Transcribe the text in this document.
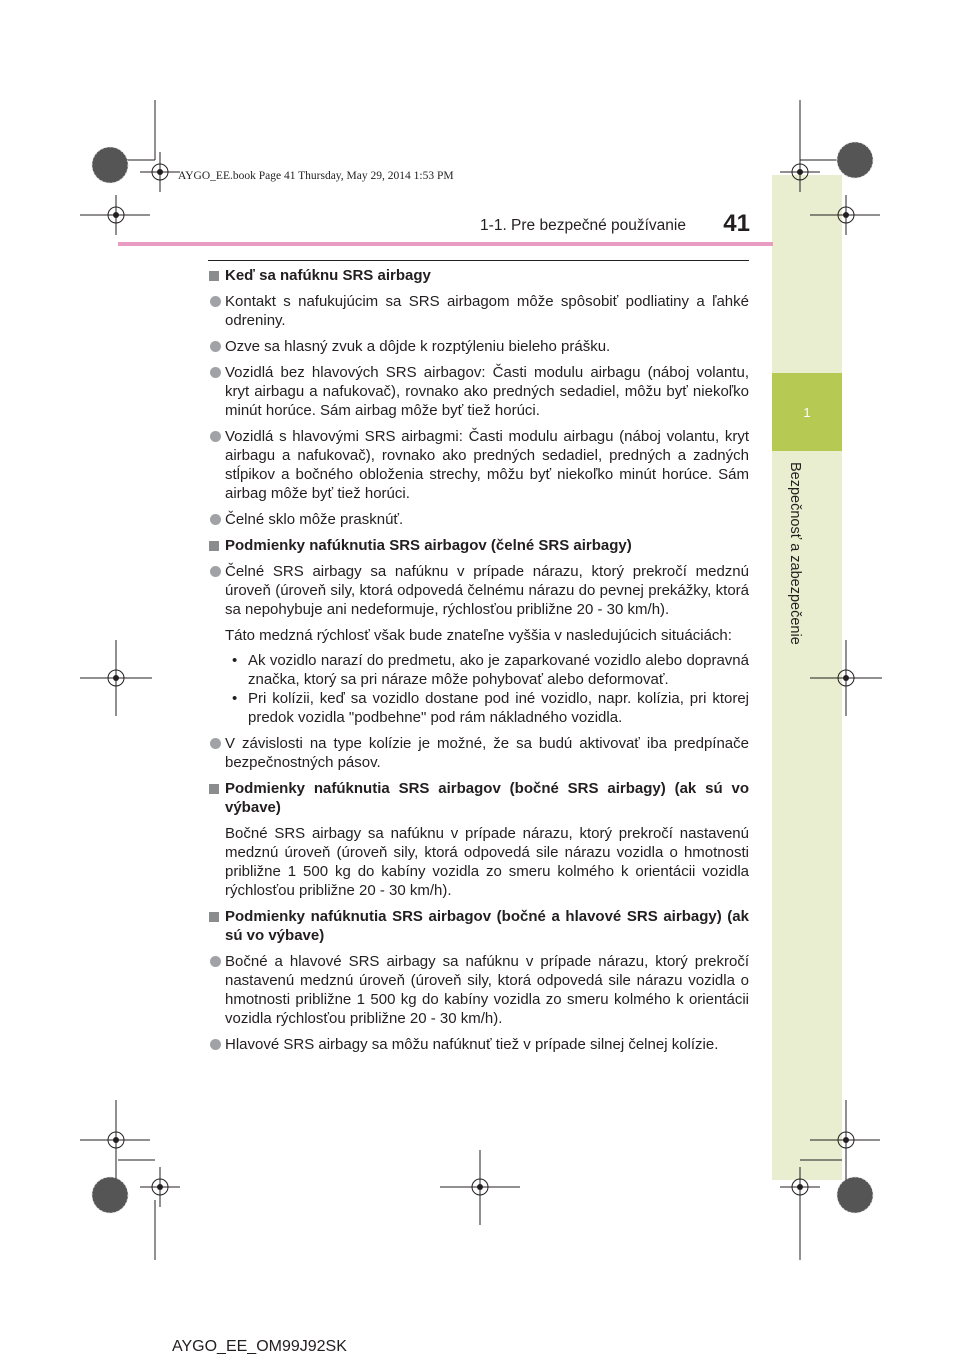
1
Bezpečnosť a zabezpečenie
AYGO_EE.book Page 41 Thursday, May 29, 2014 1:53 PM
1-1. Pre bezpečné používanie	41
Keď sa nafúknu SRS airbagy
Kontakt s nafukujúcim sa SRS airbagom môže spôsobiť podliatiny a ľahké odreniny.
Ozve sa hlasný zvuk a dôjde k rozptýleniu bieleho prášku.
Vozidlá bez hlavových SRS airbagov: Časti modulu airbagu (náboj volantu, kryt airbagu a nafukovač), rovnako ako predných sedadiel, môžu byť niekoľko minút horúce. Sám airbag môže byť tiež horúci.
Vozidlá s hlavovými SRS airbagmi: Časti modulu airbagu (náboj volantu, kryt airbagu a nafukovač), rovnako ako predných sedadiel, predných a zadných stĺpikov a bočného obloženia strechy, môžu byť niekoľko minút horúce. Sám airbag môže byť tiež horúci.
Čelné sklo môže prasknúť.
Podmienky nafúknutia SRS airbagov (čelné SRS airbagy)
Čelné SRS airbagy sa nafúknu v prípade nárazu, ktorý prekročí medznú úroveň (úroveň sily, ktorá odpovedá čelnému nárazu do pevnej prekážky, ktorá sa nepohybuje ani nedeformuje, rýchlosťou približne 20 - 30 km/h).
Táto medzná rýchlosť však bude znateľne vyššia v nasledujúcich situáciách:
• Ak vozidlo narazí do predmetu, ako je zaparkované vozidlo alebo dopravná značka, ktorý sa pri náraze môže pohybovať alebo deformovať.
• Pri kolízii, keď sa vozidlo dostane pod iné vozidlo, napr. kolízia, pri ktorej predok vozidla "podbehne" pod rám nákladného vozidla.
V závislosti na type kolízie je možné, že sa budú aktivovať iba predpínače bezpečnostných pásov.
Podmienky nafúknutia SRS airbagov (bočné SRS airbagy) (ak sú vo výbave)
Bočné SRS airbagy sa nafúknu v prípade nárazu, ktorý prekročí nastavenú medznú úroveň (úroveň sily, ktorá odpovedá sile nárazu vozidla o hmotnosti približne 1 500 kg do kabíny vozidla zo smeru kolmého k orientácii vozidla rýchlosťou približne 20 - 30 km/h).
Podmienky nafúknutia SRS airbagov (bočné a hlavové SRS airbagy) (ak sú vo výbave)
Bočné a hlavové SRS airbagy sa nafúknu v prípade nárazu, ktorý prekročí nastavenú medznú úroveň (úroveň sily, ktorá odpovedá sile nárazu vozidla o hmotnosti približne 1 500 kg do kabíny vozidla zo smeru kolmého k orientácii vozidla rýchlosťou približne 20 - 30 km/h).
Hlavové SRS airbagy sa môžu nafúknuť tiež v prípade silnej čelnej kolízie.
AYGO_EE_OM99J92SK
